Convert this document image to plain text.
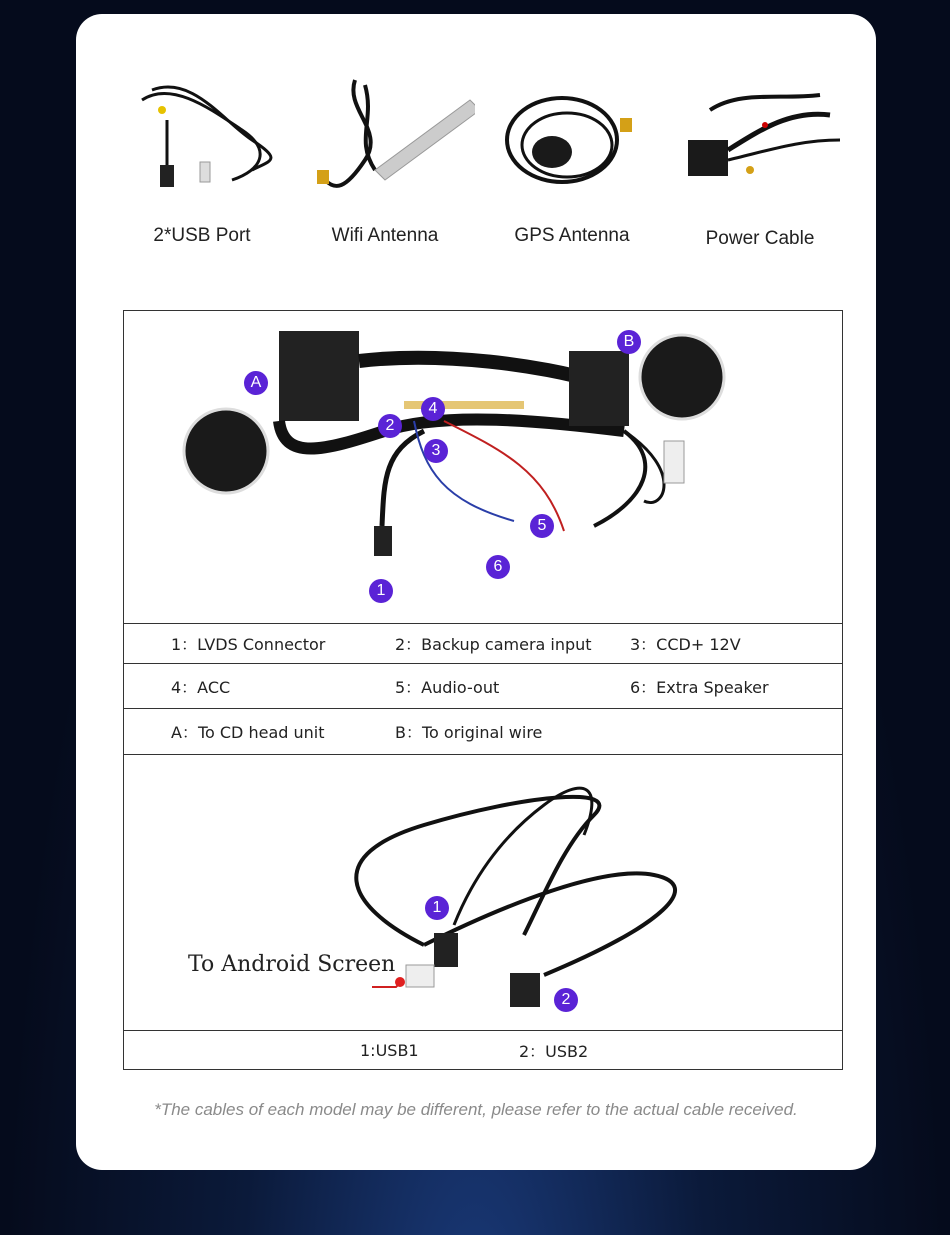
2*USB Port	Wifi Antenna	GPS Antenna	Power Cable
A
B
1
2
3
4
5
6
1：LVDS Connector	2：Backup camera input 3：CCD+ 12V
4：ACC	5：Audio-out	6：Extra Speaker
A：To CD head unit	B：To original wire
1
2
To Android Screen
1:USB1	2：USB2
*The cables of each model may be different, please refer to the actual cable received.
